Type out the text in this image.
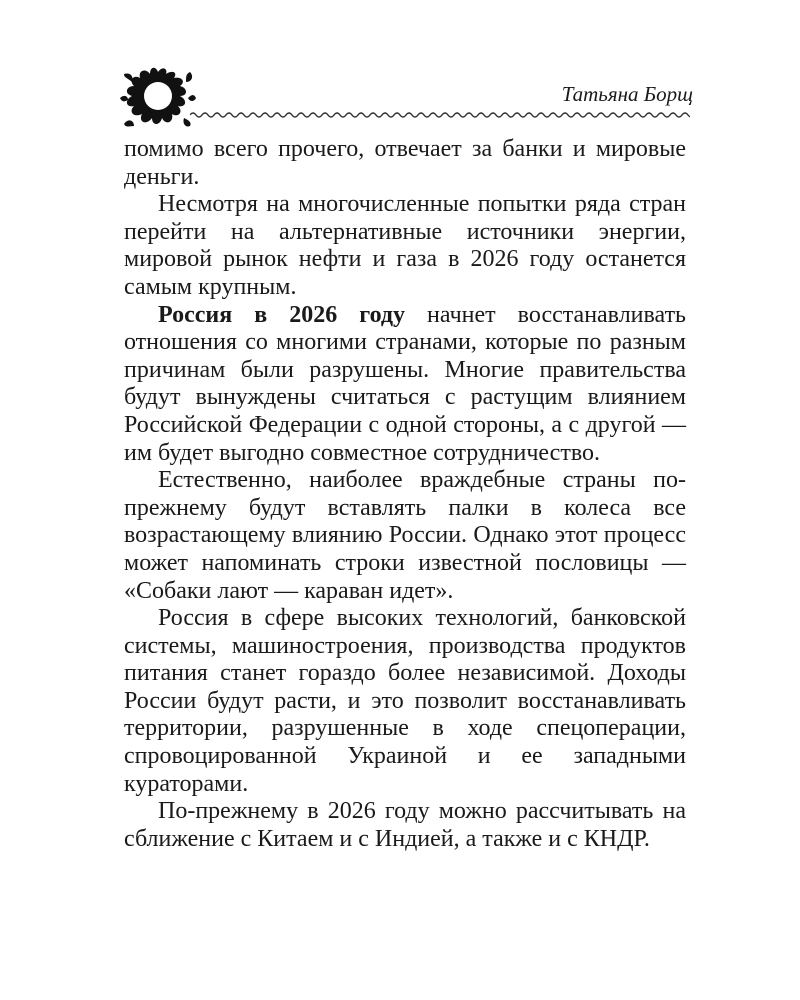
8	Татьяна Борщ

помимо всего прочего, отвечает за банки и мировые деньги.

Несмотря на многочисленные попытки ряда стран перейти на альтернативные источники энергии, мировой рынок нефти и газа в 2026 году останется самым крупным.

Россия в 2026 году начнет восстанавливать отношения со многими странами, которые по разным причинам были разрушены. Многие правительства будут вынуждены считаться с растущим влиянием Российской Федерации с одной стороны, а с другой — им будет выгодно совместное сотрудничество.

Естественно, наиболее враждебные страны по-прежнему будут вставлять палки в колеса все возрастающему влиянию России. Однако этот процесс может напоминать строки известной пословицы — «Собаки лают — караван идет».

Россия в сфере высоких технологий, банковской системы, машиностроения, производства продуктов питания станет гораздо более независимой. Доходы России будут расти, и это позволит восстанавливать территории, разрушенные в ходе спецоперации, спровоцированной Украиной и ее западными кураторами.

По-прежнему в 2026 году можно рассчитывать на сближение с Китаем и с Индией, а также и с КНДР.
